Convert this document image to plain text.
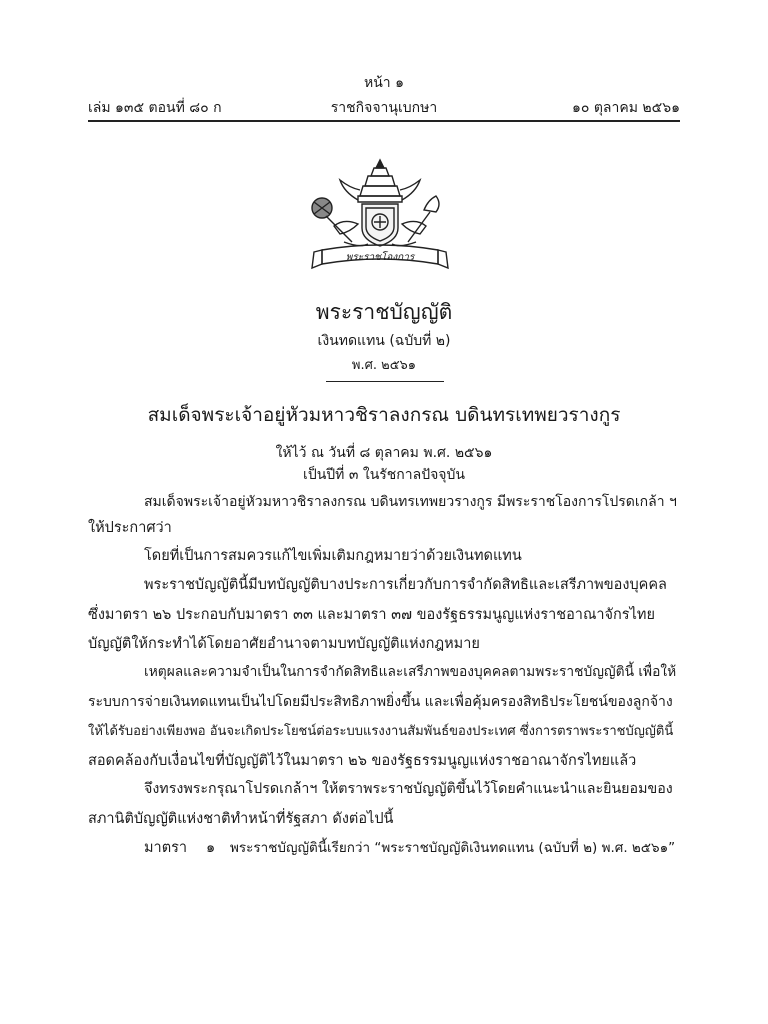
หน้า ๑
เล่ม ๑๓๕ ตอนที่ ๘๐ ก	ราชกิจจานุเบกษา	๑๐ ตุลาคม ๒๕๖๑
พระราชโองการ
พระราชบัญญัติ
เงินทดแทน (ฉบับที่ ๒)
พ.ศ. ๒๕๖๑
สมเด็จพระเจ้าอยู่หัวมหาวชิราลงกรณ บดินทรเทพยวรางกูร
ให้ไว้ ณ วันที่ ๘ ตุลาคม พ.ศ. ๒๕๖๑
เป็นปีที่ ๓ ในรัชกาลปัจจุบัน
สมเด็จพระเจ้าอยู่หัวมหาวชิราลงกรณ บดินทรเทพยวรางกูร มีพระราชโองการโปรดเกล้า ฯ
ให้ประกาศว่า
โดยที่เป็นการสมควรแก้ไขเพิ่มเติมกฎหมายว่าด้วยเงินทดแทน
พระราชบัญญัตินี้มีบทบัญญัติบางประการเกี่ยวกับการจำกัดสิทธิและเสรีภาพของบุคคล
ซึ่งมาตรา ๒๖ ประกอบกับมาตรา ๓๓ และมาตรา ๓๗ ของรัฐธรรมนูญแห่งราชอาณาจักรไทย
บัญญัติให้กระทำได้โดยอาศัยอำนาจตามบทบัญญัติแห่งกฎหมาย
เหตุผลและความจำเป็นในการจำกัดสิทธิและเสรีภาพของบุคคลตามพระราชบัญญัตินี้ เพื่อให้
ระบบการจ่ายเงินทดแทนเป็นไปโดยมีประสิทธิภาพยิ่งขึ้น และเพื่อคุ้มครองสิทธิประโยชน์ของลูกจ้าง
ให้ได้รับอย่างเพียงพอ อันจะเกิดประโยชน์ต่อระบบแรงงานสัมพันธ์ของประเทศ ซึ่งการตราพระราชบัญญัตินี้
สอดคล้องกับเงื่อนไขที่บัญญัติไว้ในมาตรา ๒๖ ของรัฐธรรมนูญแห่งราชอาณาจักรไทยแล้ว
จึงทรงพระกรุณาโปรดเกล้าฯ ให้ตราพระราชบัญญัติขึ้นไว้โดยคำแนะนำและยินยอมของ
สภานิติบัญญัติแห่งชาติทำหน้าที่รัฐสภา ดังต่อไปนี้
มาตรา ๑ พระราชบัญญัตินี้เรียกว่า “พระราชบัญญัติเงินทดแทน (ฉบับที่ ๒) พ.ศ. ๒๕๖๑”
